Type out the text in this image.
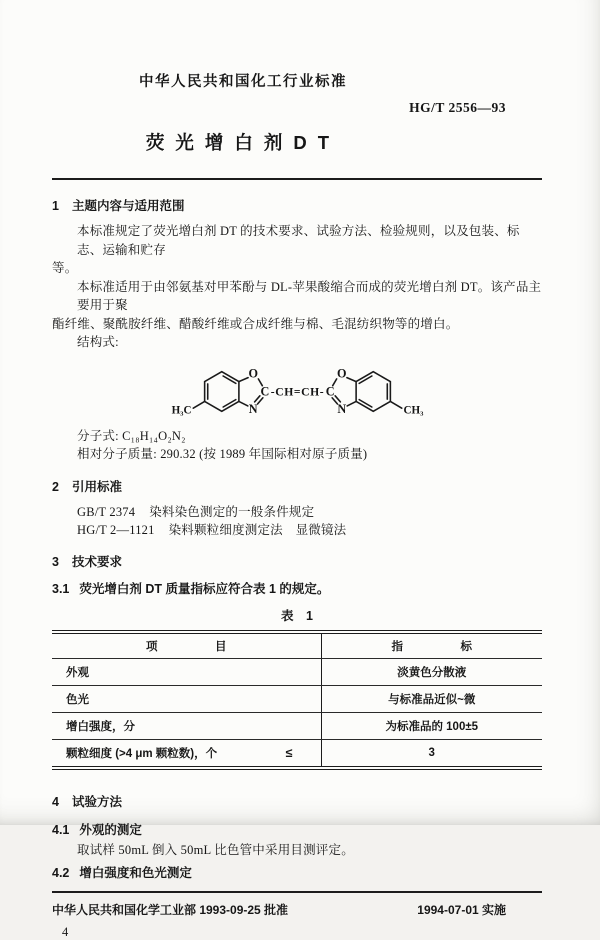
中华人民共和国化工行业标准
HG/T 2556—93
荧光增白剂DT
1 主题内容与适用范围
本标准规定了荧光增白剂 DT 的技术要求、试验方法、检验规则，以及包装、标志、运输和贮存
等。
本标准适用于由邻氨基对甲苯酚与 DL-苹果酸缩合而成的荧光增白剂 DT。该产品主要用于聚
酯纤维、聚酰胺纤维、醋酸纤维或合成纤维与棉、毛混纺织物等的增白。
结构式:
O
C
N
H₃C
-CH=CH-
O
C
N	CH₃
分子式: C₁₈H₁₄O₂N₂
相对分子质量: 290.32 (按 1989 年国际相对原子质量)
2 引用标准
GB/T 2374 染料染色测定的一般条件规定
HG/T 2—1121 染料颗粒细度测定法　显微镜法
3 技术要求
3.1 荧光增白剂 DT 质量指标应符合表 1 的规定。
表　1
项　　　　　目	指　　　　　标
外观	淡黄色分散液
色光	与标准品近似~微
增白强度，分	为标准品的 100±5
颗粒细度 (>4 μm 颗粒数)，个	≤	3
4 试验方法
4.1 外观的测定
取试样 50mL 倒入 50mL 比色管中采用目测评定。
4.2 增白强度和色光测定
中华人民共和国化学工业部 1993-09-25 批准	1994-07-01 实施
4
